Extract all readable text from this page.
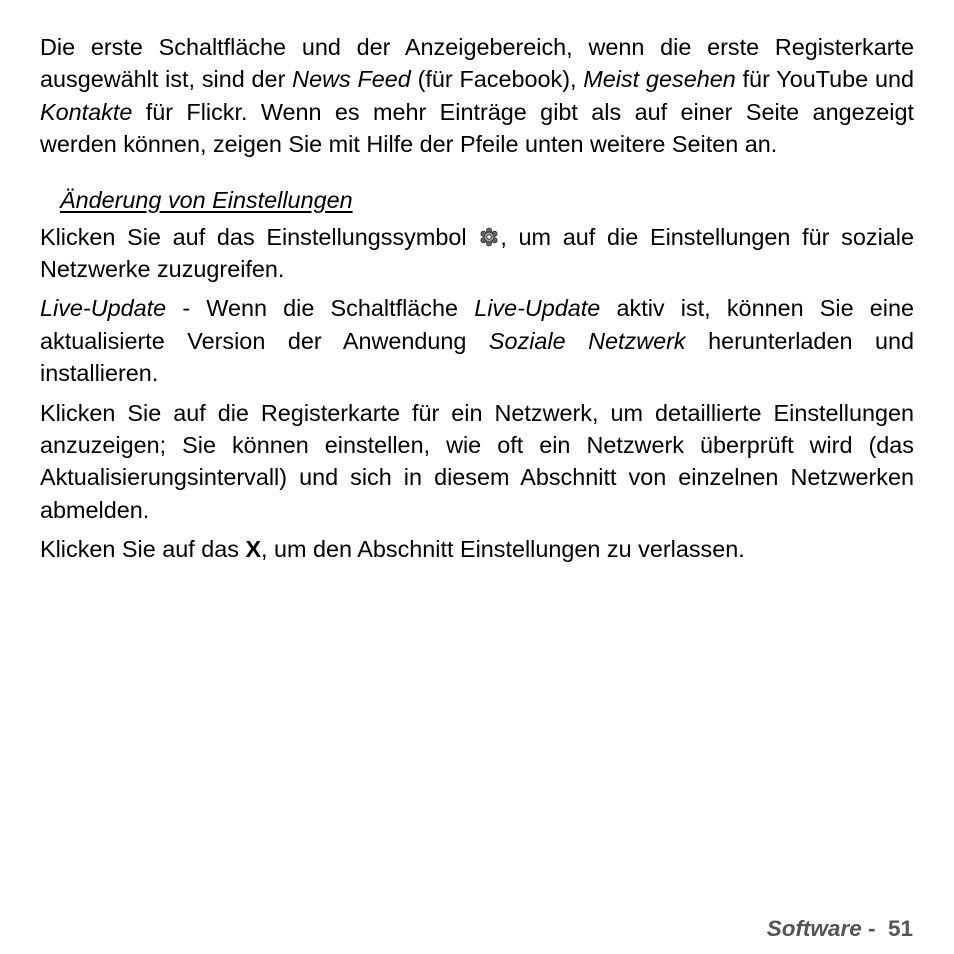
Die erste Schaltfläche und der Anzeigebereich, wenn die erste Registerkarte ausgewählt ist, sind der News Feed (für Facebook), Meist gesehen für YouTube und Kontakte für Flickr. Wenn es mehr Einträge gibt als auf einer Seite angezeigt werden können, zeigen Sie mit Hilfe der Pfeile unten weitere Seiten an.

Änderung von Einstellungen

Klicken Sie auf das Einstellungssymbol , um auf die Einstellungen für soziale Netzwerke zuzugreifen.

Live-Update - Wenn die Schaltfläche Live-Update aktiv ist, können Sie eine aktualisierte Version der Anwendung Soziale Netzwerk herunterladen und installieren.

Klicken Sie auf die Registerkarte für ein Netzwerk, um detaillierte Einstellungen anzuzeigen; Sie können einstellen, wie oft ein Netzwerk überprüft wird (das Aktualisierungsintervall) und sich in diesem Abschnitt von einzelnen Netzwerken abmelden.

Klicken Sie auf das X, um den Abschnitt Einstellungen zu verlassen.

Software - 51
